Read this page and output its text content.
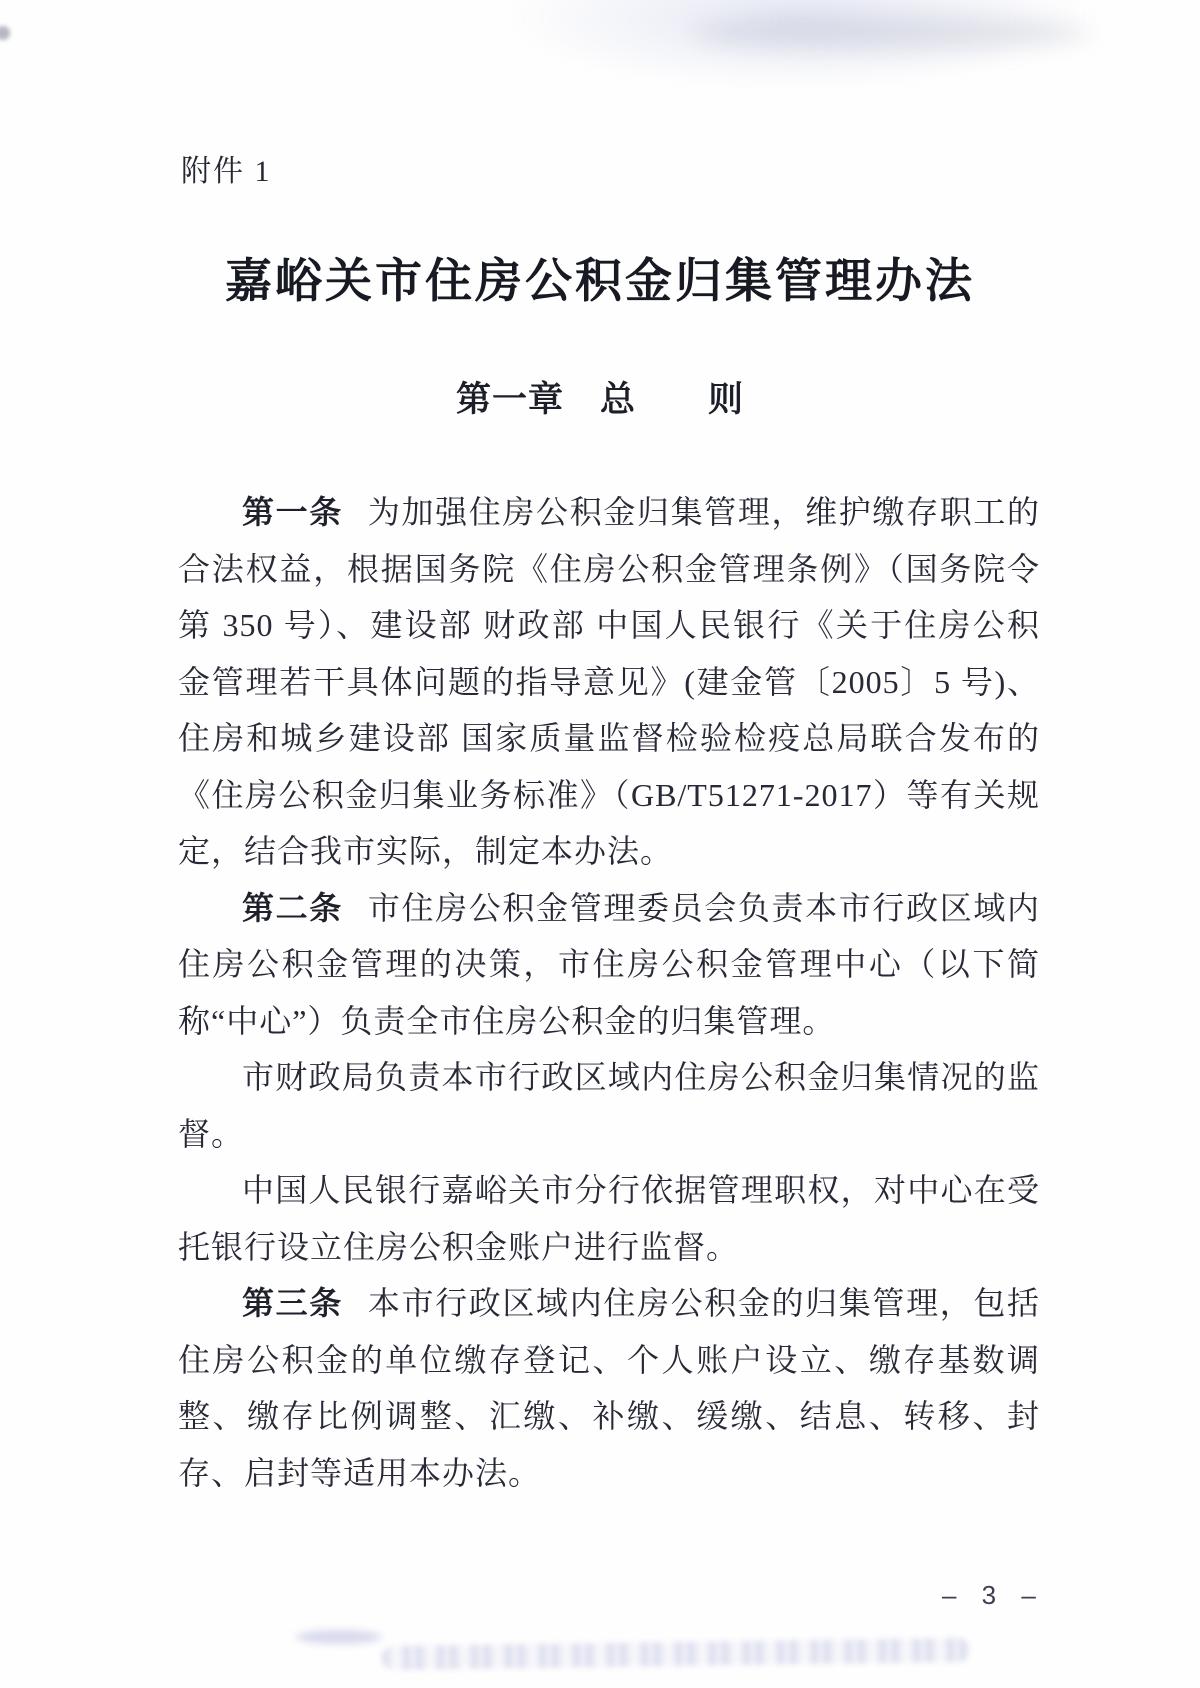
附件 1
嘉峪关市住房公积金归集管理办法
第一章　总　　则

第一条 为加强住房公积金归集管理，维护缴存职工的合法权益，根据国务院《住房公积金管理条例》（国务院令第 350 号）、建设部 财政部 中国人民银行《关于住房公积金管理若干具体问题的指导意见》(建金管〔2005〕5 号)、住房和城乡建设部 国家质量监督检验检疫总局联合发布的《住房公积金归集业务标准》（GB/T51271-2017）等有关规定，结合我市实际，制定本办法。

第二条 市住房公积金管理委员会负责本市行政区域内住房公积金管理的决策，市住房公积金管理中心（以下简称“中心”）负责全市住房公积金的归集管理。

市财政局负责本市行政区域内住房公积金归集情况的监督。

中国人民银行嘉峪关市分行依据管理职权，对中心在受托银行设立住房公积金账户进行监督。

第三条 本市行政区域内住房公积金的归集管理，包括住房公积金的单位缴存登记、个人账户设立、缴存基数调整、缴存比例调整、汇缴、补缴、缓缴、结息、转移、封存、启封等适用本办法。

– 3 –
